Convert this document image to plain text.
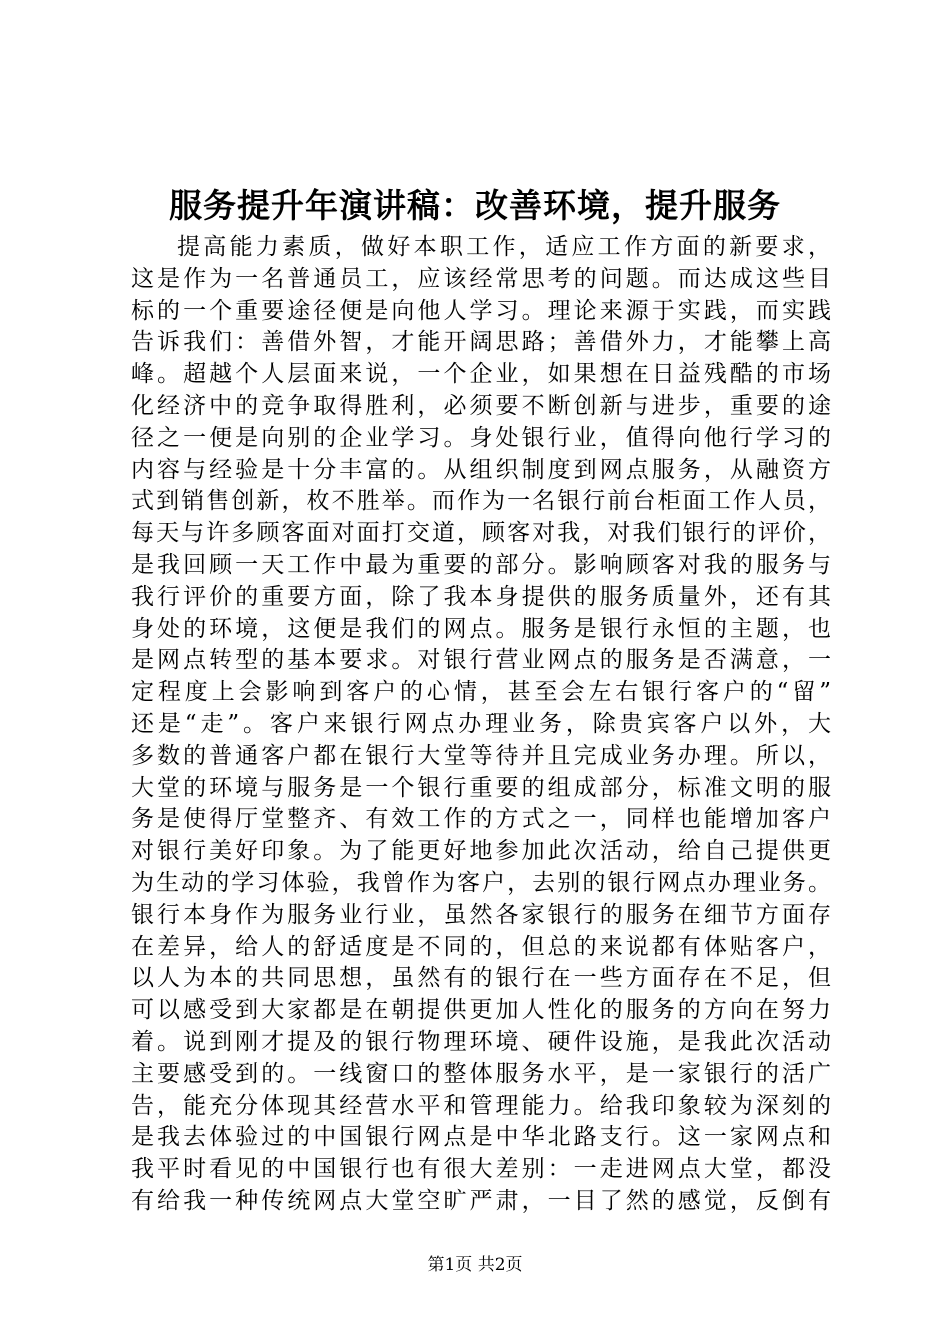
服务提升年演讲稿：改善环境，提升服务
提高能力素质，做好本职工作，适应工作方面的新要求，
这是作为一名普通员工，应该经常思考的问题。而达成这些目
标的一个重要途径便是向他人学习。理论来源于实践，而实践
告诉我们：善借外智，才能开阔思路；善借外力，才能攀上高
峰。超越个人层面来说，一个企业，如果想在日益残酷的市场
化经济中的竞争取得胜利，必须要不断创新与进步，重要的途
径之一便是向别的企业学习。身处银行业，值得向他行学习的
内容与经验是十分丰富的。从组织制度到网点服务，从融资方
式到销售创新，枚不胜举。而作为一名银行前台柜面工作人员，
每天与许多顾客面对面打交道，顾客对我，对我们银行的评价，
是我回顾一天工作中最为重要的部分。影响顾客对我的服务与
我行评价的重要方面，除了我本身提供的服务质量外，还有其
身处的环境，这便是我们的网点。服务是银行永恒的主题，也
是网点转型的基本要求。对银行营业网点的服务是否满意，一
定程度上会影响到客户的心情，甚至会左右银行客户的“留”
还是“走”。客户来银行网点办理业务，除贵宾客户以外，大
多数的普通客户都在银行大堂等待并且完成业务办理。所以，
大堂的环境与服务是一个银行重要的组成部分，标准文明的服
务是使得厅堂整齐、有效工作的方式之一，同样也能增加客户
对银行美好印象。为了能更好地参加此次活动，给自己提供更
为生动的学习体验，我曾作为客户，去别的银行网点办理业务。
银行本身作为服务业行业，虽然各家银行的服务在细节方面存
在差异，给人的舒适度是不同的，但总的来说都有体贴客户，
以人为本的共同思想，虽然有的银行在一些方面存在不足，但
可以感受到大家都是在朝提供更加人性化的服务的方向在努力
着。说到刚才提及的银行物理环境、硬件设施，是我此次活动
主要感受到的。一线窗口的整体服务水平，是一家银行的活广
告，能充分体现其经营水平和管理能力。给我印象较为深刻的
是我去体验过的中国银行网点是中华北路支行。这一家网点和
我平时看见的中国银行也有很大差别：一走进网点大堂，都没
有给我一种传统网点大堂空旷严肃，一目了然的感觉，反倒有
第1页 共2页
